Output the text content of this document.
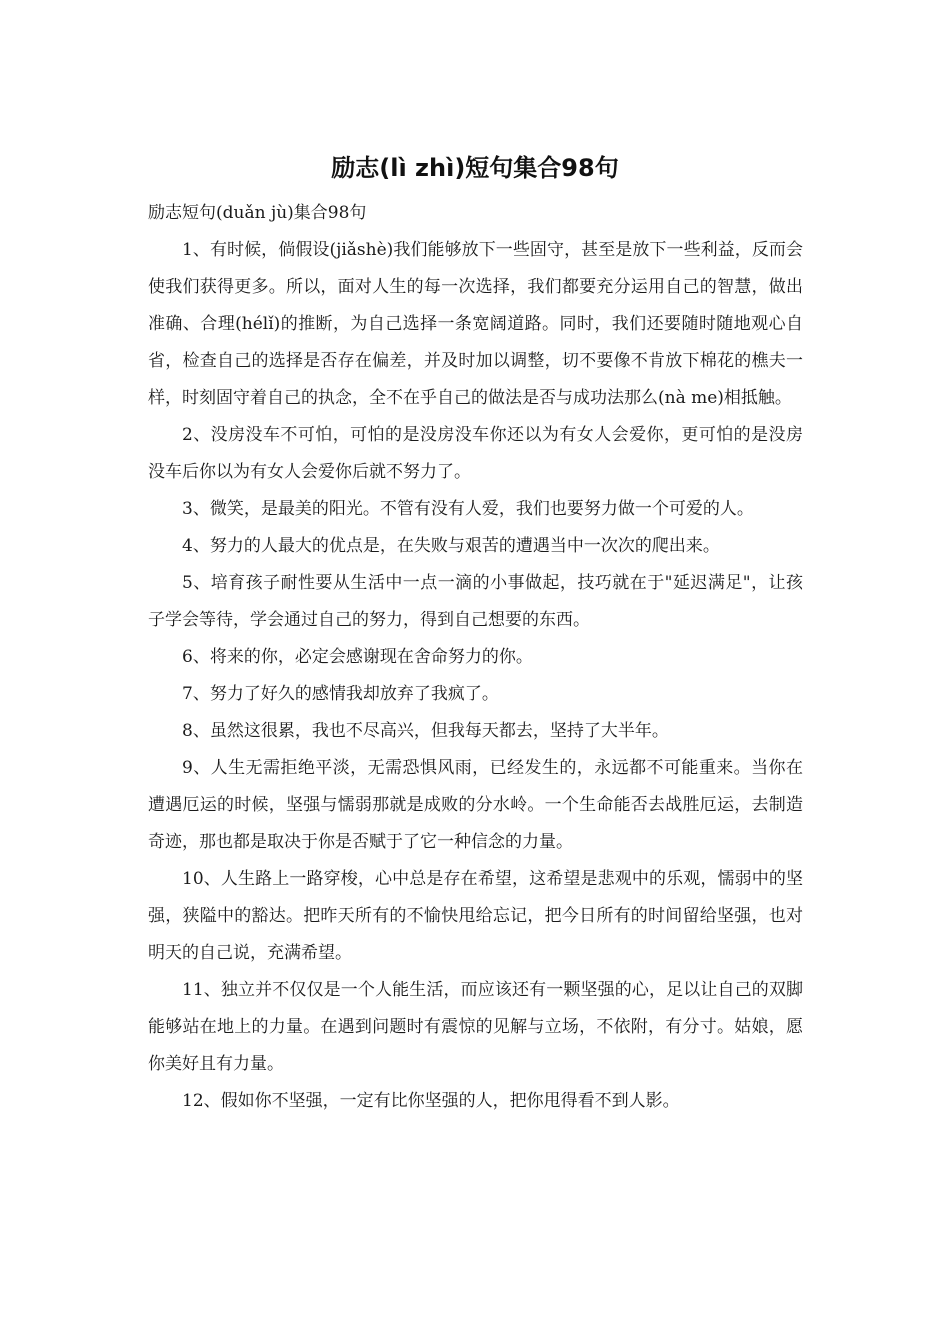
励志(lì zhì)短句集合98句

励志短句(duǎn jù)集合98句

1、有时候，倘假设(jiǎshè)我们能够放下一些固守，甚至是放下一些利益，反而会使我们获得更多。所以，面对人生的每一次选择，我们都要充分运用自己的智慧，做出准确、合理(hélǐ)的推断，为自己选择一条宽阔道路。同时，我们还要随时随地观心自省，检查自己的选择是否存在偏差，并及时加以调整，切不要像不肯放下棉花的樵夫一样，时刻固守着自己的执念，全不在乎自己的做法是否与成功法那么(nà me)相抵触。

2、没房没车不可怕，可怕的是没房没车你还以为有女人会爱你，更可怕的是没房没车后你以为有女人会爱你后就不努力了。

3、微笑，是最美的阳光。不管有没有人爱，我们也要努力做一个可爱的人。

4、努力的人最大的优点是，在失败与艰苦的遭遇当中一次次的爬出来。

5、培育孩子耐性要从生活中一点一滴的小事做起，技巧就在于"延迟满足"，让孩子学会等待，学会通过自己的努力，得到自己想要的东西。

6、将来的你，必定会感谢现在舍命努力的你。

7、努力了好久的感情我却放弃了我疯了。

8、虽然这很累，我也不尽高兴，但我每天都去，坚持了大半年。

9、人生无需拒绝平淡，无需恐惧风雨，已经发生的，永远都不可能重来。当你在遭遇厄运的时候，坚强与懦弱那就是成败的分水岭。一个生命能否去战胜厄运，去制造奇迹，那也都是取决于你是否赋于了它一种信念的力量。

10、人生路上一路穿梭，心中总是存在希望，这希望是悲观中的乐观，懦弱中的坚强，狭隘中的豁达。把昨天所有的不愉快甩给忘记，把今日所有的时间留给坚强，也对明天的自己说，充满希望。

11、独立并不仅仅是一个人能生活，而应该还有一颗坚强的心，足以让自己的双脚能够站在地上的力量。在遇到问题时有震惊的见解与立场，不依附，有分寸。姑娘，愿你美好且有力量。

12、假如你不坚强，一定有比你坚强的人，把你甩得看不到人影。
